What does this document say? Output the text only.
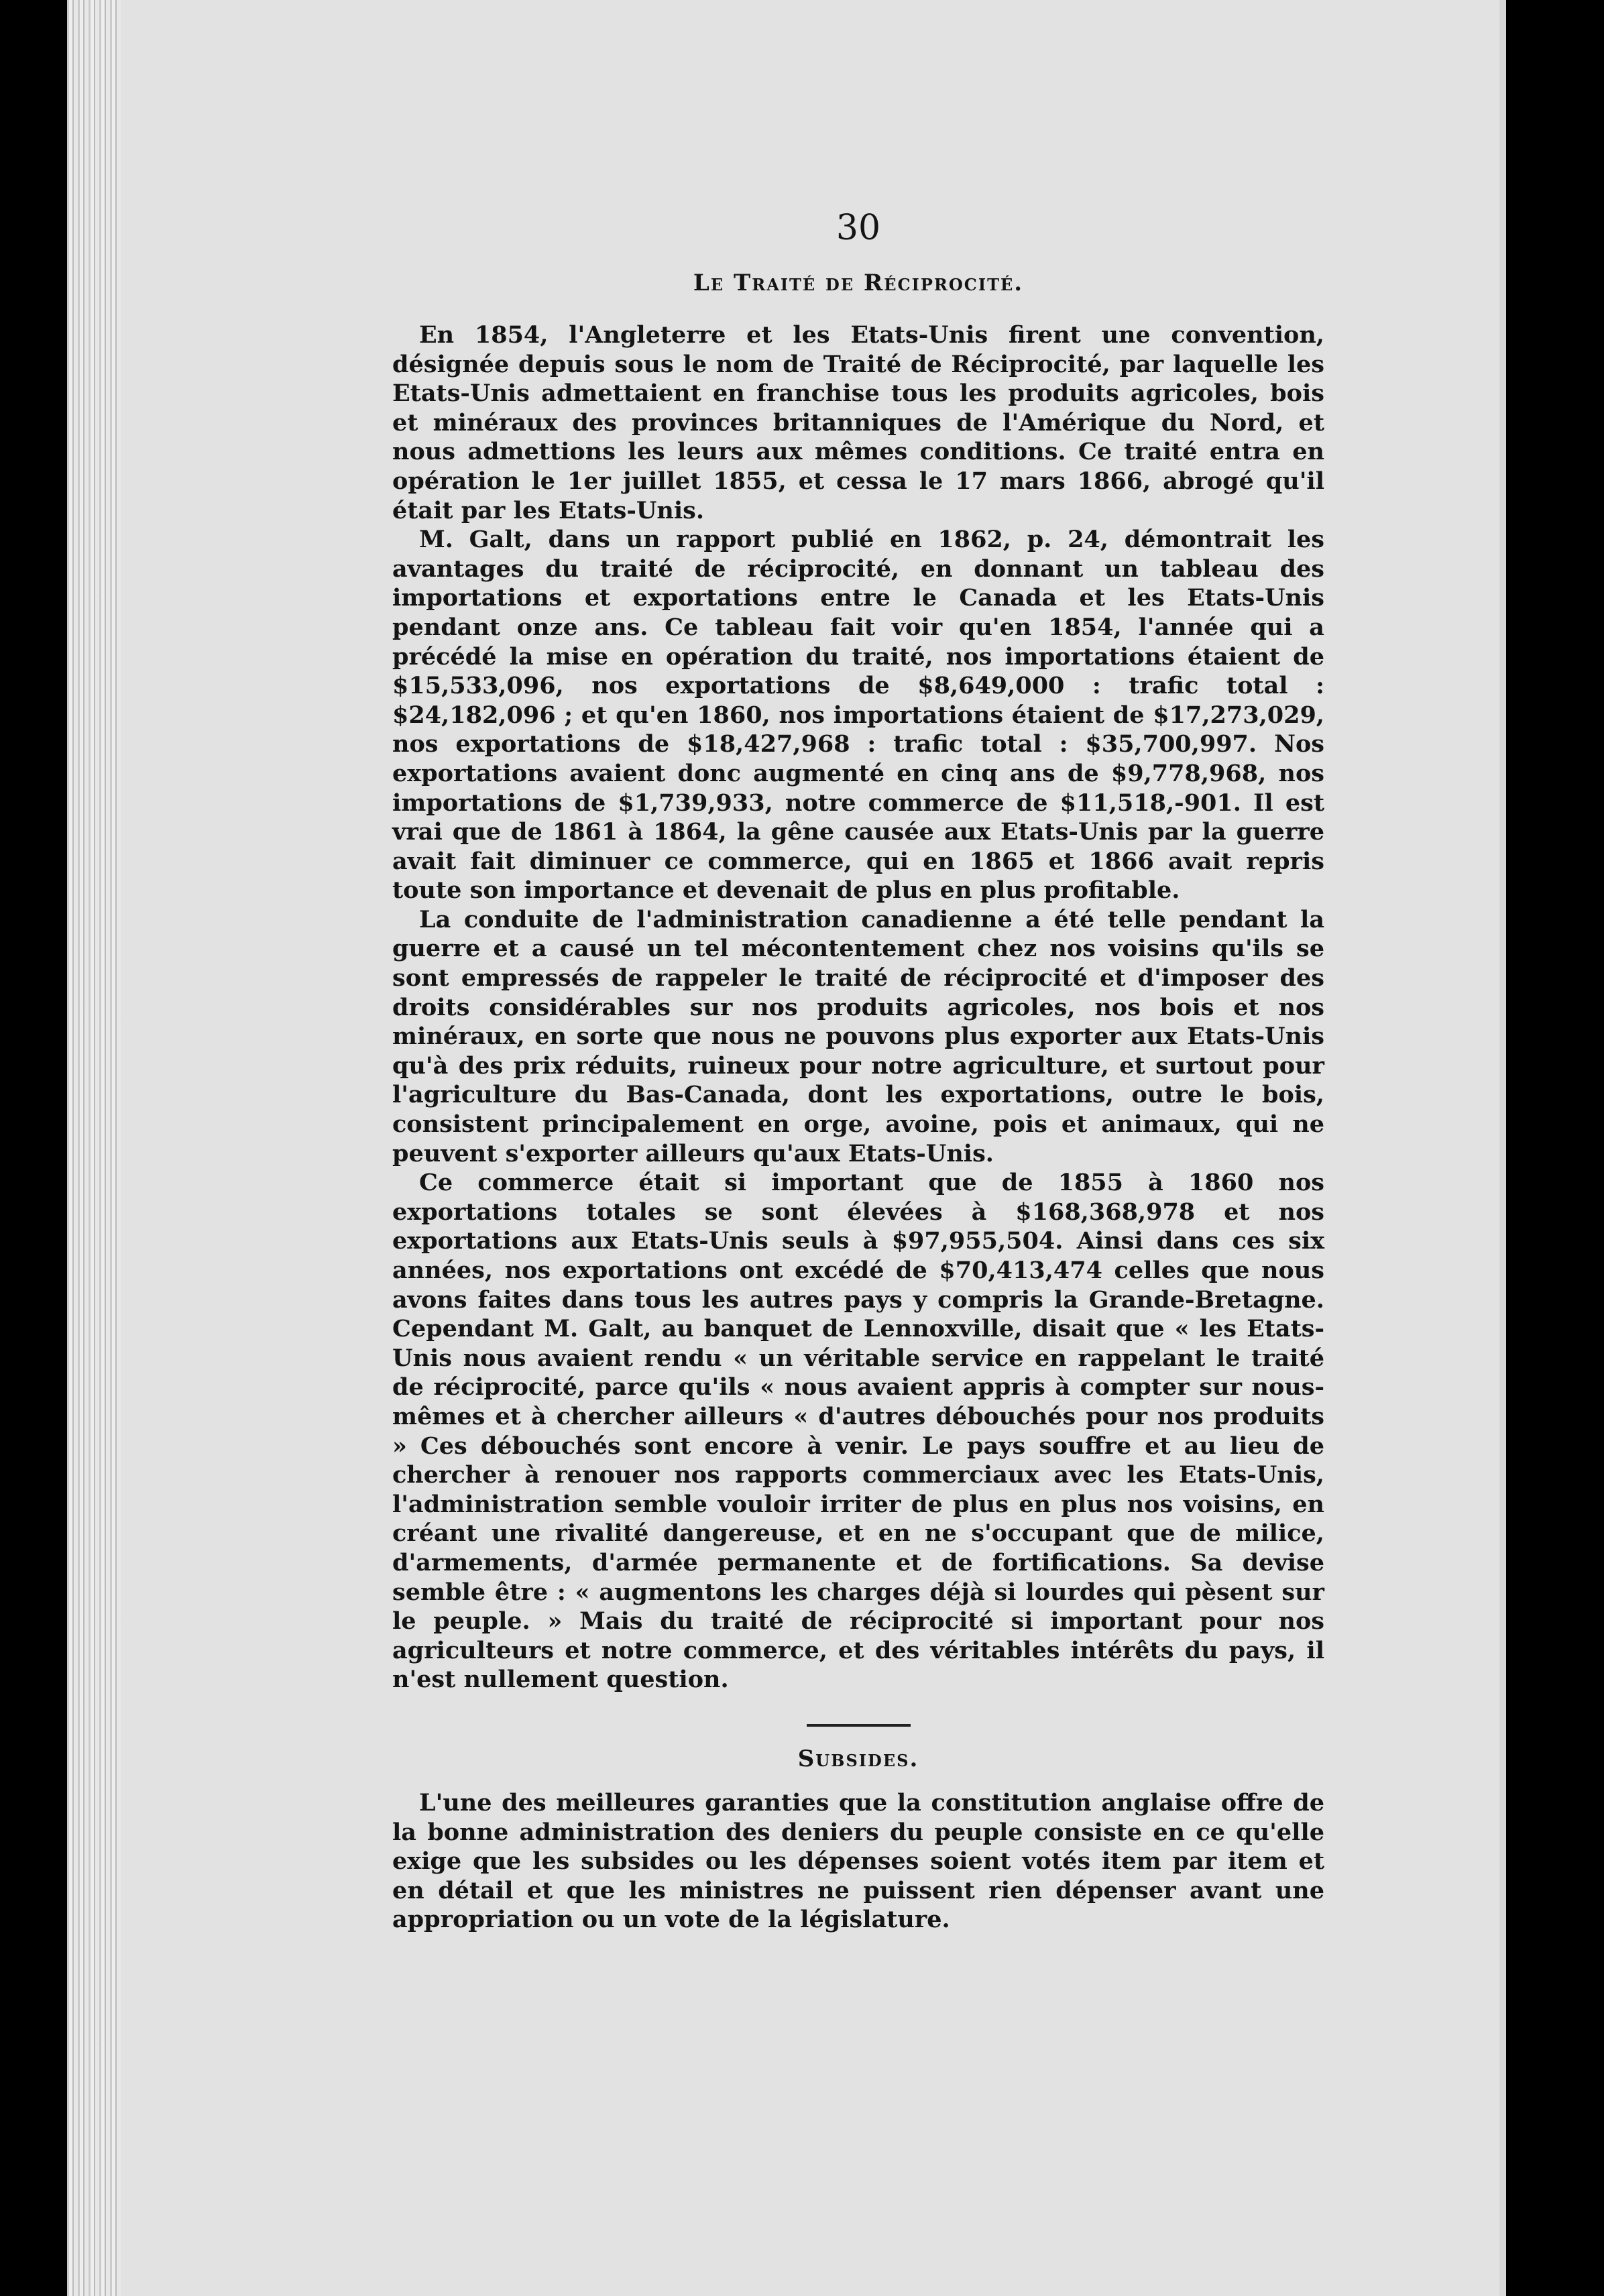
30
Le Traité de Réciprocité.

En 1854, l'Angleterre et les Etats-Unis firent une convention, désignée depuis sous le nom de Traité de Réciprocité, par laquelle les Etats-Unis admettaient en franchise tous les produits agricoles, bois et minéraux des provinces britanniques de l'Amérique du Nord, et nous admettions les leurs aux mêmes conditions. Ce traité entra en opération le 1er juillet 1855, et cessa le 17 mars 1866, abrogé qu'il était par les Etats-Unis.

M. Galt, dans un rapport publié en 1862, p. 24, démontrait les avantages du traité de réciprocité, en donnant un tableau des importations et exportations entre le Canada et les Etats-Unis pendant onze ans. Ce tableau fait voir qu'en 1854, l'année qui a précédé la mise en opération du traité, nos importations étaient de $15,533,096, nos exportations de $8,649,000 : trafic total : $24,182,096 ; et qu'en 1860, nos importations étaient de $17,273,029, nos exportations de $18,427,968 : trafic total : $35,700,997. Nos exportations avaient donc augmenté en cinq ans de $9,778,968, nos importations de $1,739,933, notre commerce de $11,518,-901. Il est vrai que de 1861 à 1864, la gêne causée aux Etats-Unis par la guerre avait fait diminuer ce commerce, qui en 1865 et 1866 avait repris toute son importance et devenait de plus en plus profitable.

La conduite de l'administration canadienne a été telle pendant la guerre et a causé un tel mécontentement chez nos voisins qu'ils se sont empressés de rappeler le traité de réciprocité et d'imposer des droits considérables sur nos produits agricoles, nos bois et nos minéraux, en sorte que nous ne pouvons plus exporter aux Etats-Unis qu'à des prix réduits, ruineux pour notre agriculture, et surtout pour l'agriculture du Bas-Canada, dont les exportations, outre le bois, consistent principalement en orge, avoine, pois et animaux, qui ne peuvent s'exporter ailleurs qu'aux Etats-Unis.

Ce commerce était si important que de 1855 à 1860 nos exportations totales se sont élevées à $168,368,978 et nos exportations aux Etats-Unis seuls à $97,955,504. Ainsi dans ces six années, nos exportations ont excédé de $70,413,474 celles que nous avons faites dans tous les autres pays y compris la Grande-Bretagne. Cependant M. Galt, au banquet de Lennoxville, disait que « les Etats-Unis nous avaient rendu « un véritable service en rappelant le traité de réciprocité, parce qu'ils « nous avaient appris à compter sur nous-mêmes et à chercher ailleurs « d'autres débouchés pour nos produits » Ces débouchés sont encore à venir. Le pays souffre et au lieu de chercher à renouer nos rapports commerciaux avec les Etats-Unis, l'administration semble vouloir irriter de plus en plus nos voisins, en créant une rivalité dangereuse, et en ne s'occupant que de milice, d'armements, d'armée permanente et de fortifications. Sa devise semble être : « augmentons les charges déjà si lourdes qui pèsent sur le peuple. » Mais du traité de réciprocité si important pour nos agriculteurs et notre commerce, et des véritables intérêts du pays, il n'est nullement question.

Subsides.

L'une des meilleures garanties que la constitution anglaise offre de la bonne administration des deniers du peuple consiste en ce qu'elle exige que les subsides ou les dépenses soient votés item par item et en détail et que les ministres ne puissent rien dépenser avant une appropriation ou un vote de la législature.
